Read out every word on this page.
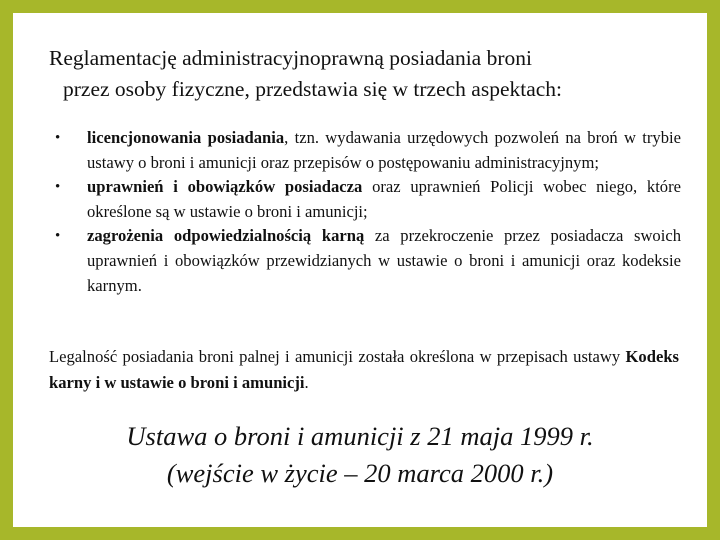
Reglamentację administracyjnoprawną posiadania broni
przez osoby fizyczne, przedstawia się w trzech aspektach:
• licencjonowania posiadania, tzn. wydawania urzędowych pozwoleń na broń w trybie ustawy o broni i amunicji oraz przepisów o postępowaniu administracyjnym;
• uprawnień i obowiązków posiadacza oraz uprawnień Policji wobec niego, które określone są w ustawie o broni i amunicji;
• zagrożenia odpowiedzialnością karną za przekroczenie przez posiadacza swoich uprawnień i obowiązków przewidzianych w ustawie o broni i amunicji oraz kodeksie karnym.
Legalność posiadania broni palnej i amunicji została określona w przepisach ustawy Kodeks karny i w ustawie o broni i amunicji.
Ustawa o broni i amunicji z 21 maja 1999 r.
(wejście w życie – 20 marca 2000 r.)
